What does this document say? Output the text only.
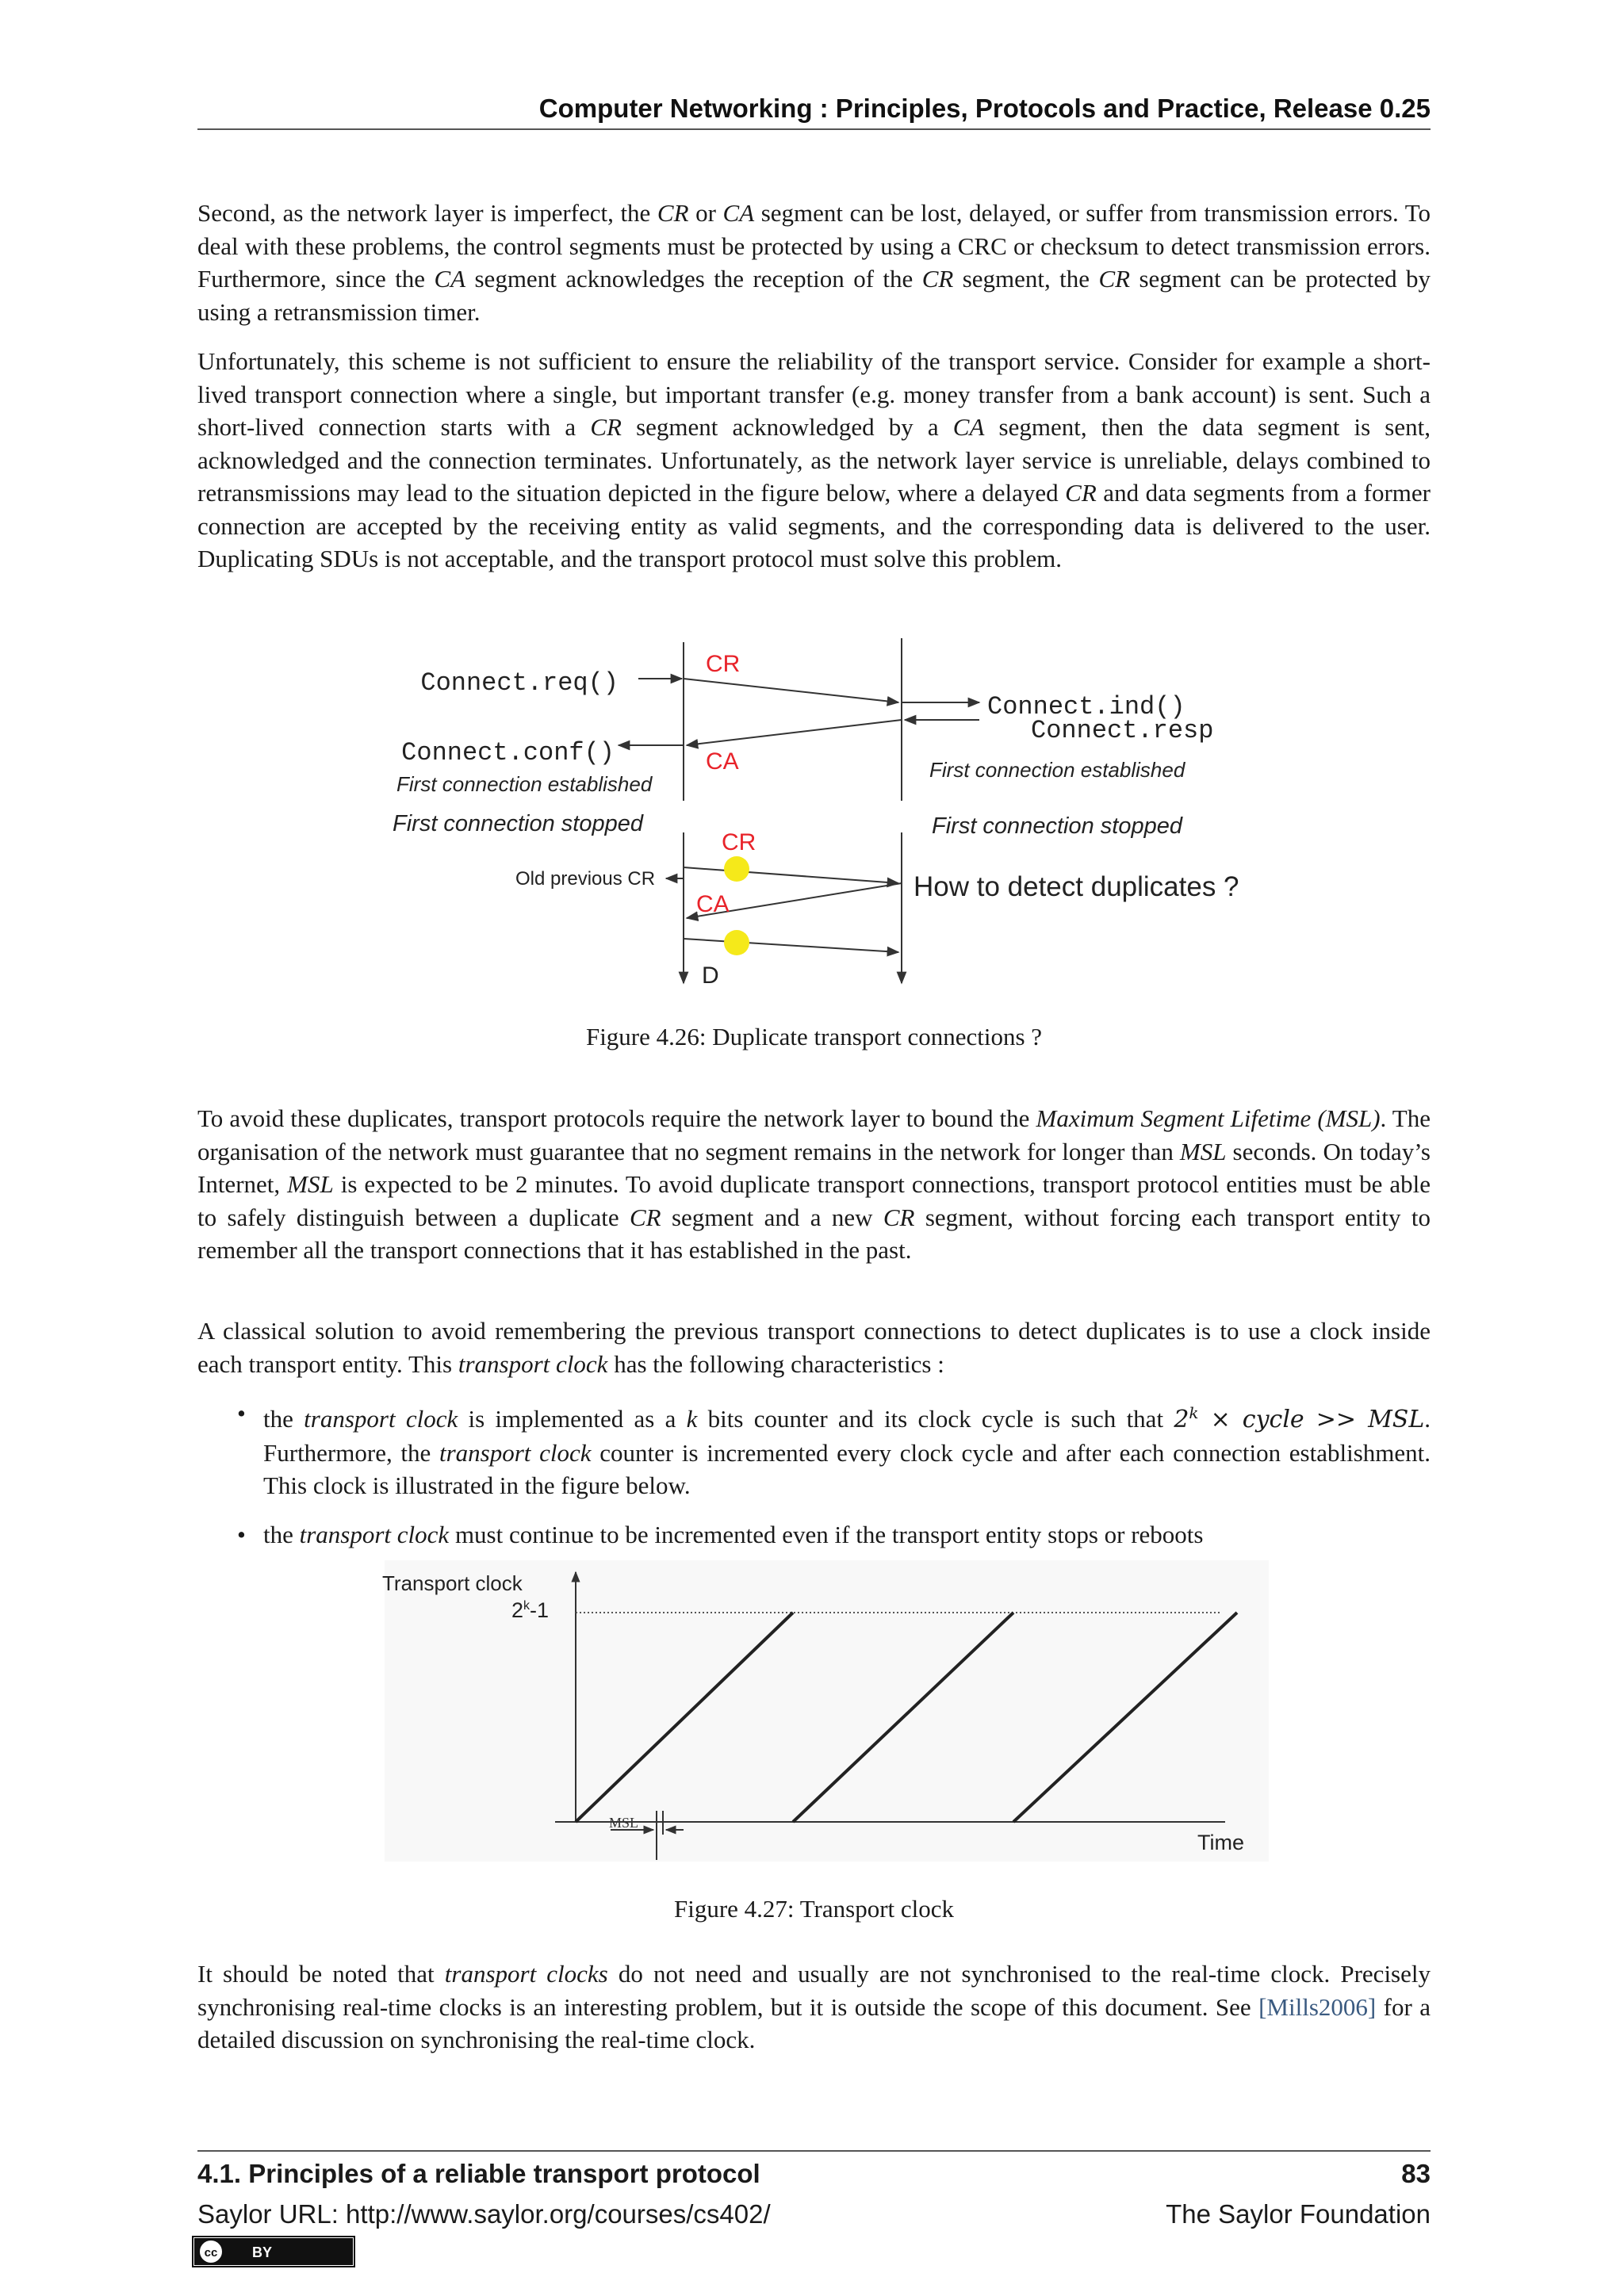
Computer Networking : Principles, Protocols and Practice, Release 0.25

Second, as the network layer is imperfect, the CR or CA segment can be lost, delayed, or suffer from transmission errors. To deal with these problems, the control segments must be protected by using a CRC or checksum to detect transmission errors. Furthermore, since the CA segment acknowledges the reception of the CR segment, the CR segment can be protected by using a retransmission timer.

Unfortunately, this scheme is not sufficient to ensure the reliability of the transport service. Consider for example a short-lived transport connection where a single, but important transfer (e.g. money transfer from a bank account) is sent. Such a short-lived connection starts with a CR segment acknowledged by a CA segment, then the data segment is sent, acknowledged and the connection terminates. Unfortunately, as the network layer service is unreliable, delays combined to retransmissions may lead to the situation depicted in the figure below, where a delayed CR and data segments from a former connection are accepted by the receiving entity as valid segments, and the corresponding data is delivered to the user. Duplicating SDUs is not acceptable, and the transport protocol must solve this problem.

Connect.req()
CR
Connect.ind()
Connect.resp
Connect.conf()	CA
First connection established
First connection established
First connection stopped	First connection stopped
CR
Old previous CR
CA
How to detect duplicates ?
D
Figure 4.26: Duplicate transport connections ?

To avoid these duplicates, transport protocols require the network layer to bound the Maximum Segment Lifetime (MSL). The organisation of the network must guarantee that no segment remains in the network for longer than MSL seconds. On today’s Internet, MSL is expected to be 2 minutes. To avoid duplicate transport connections, transport protocol entities must be able to safely distinguish between a duplicate CR segment and a new CR segment, without forcing each transport entity to remember all the transport connections that it has established in the past.

A classical solution to avoid remembering the previous transport connections to detect duplicates is to use a clock inside each transport entity. This transport clock has the following characteristics :

• the transport clock is implemented as a k bits counter and its clock cycle is such that $2^k$ × cycle >> MSL. Furthermore, the transport clock counter is incremented every clock cycle and after each connection establishment. This clock is illustrated in the figure below.
• the transport clock must continue to be incremented even if the transport entity stops or reboots
Transport clock
2$^k$-1
MSL
Time
Figure 4.27: Transport clock

It should be noted that transport clocks do not need and usually are not synchronised to the real-time clock. Precisely synchronising real-time clocks is an interesting problem, but it is outside the scope of this document. See [Mills2006] for a detailed discussion on synchronising the real-time clock.

4.1. Principles of a reliable transport protocol	83
Saylor URL: http://www.saylor.org/courses/cs402/	The Saylor Foundation
cc BY
